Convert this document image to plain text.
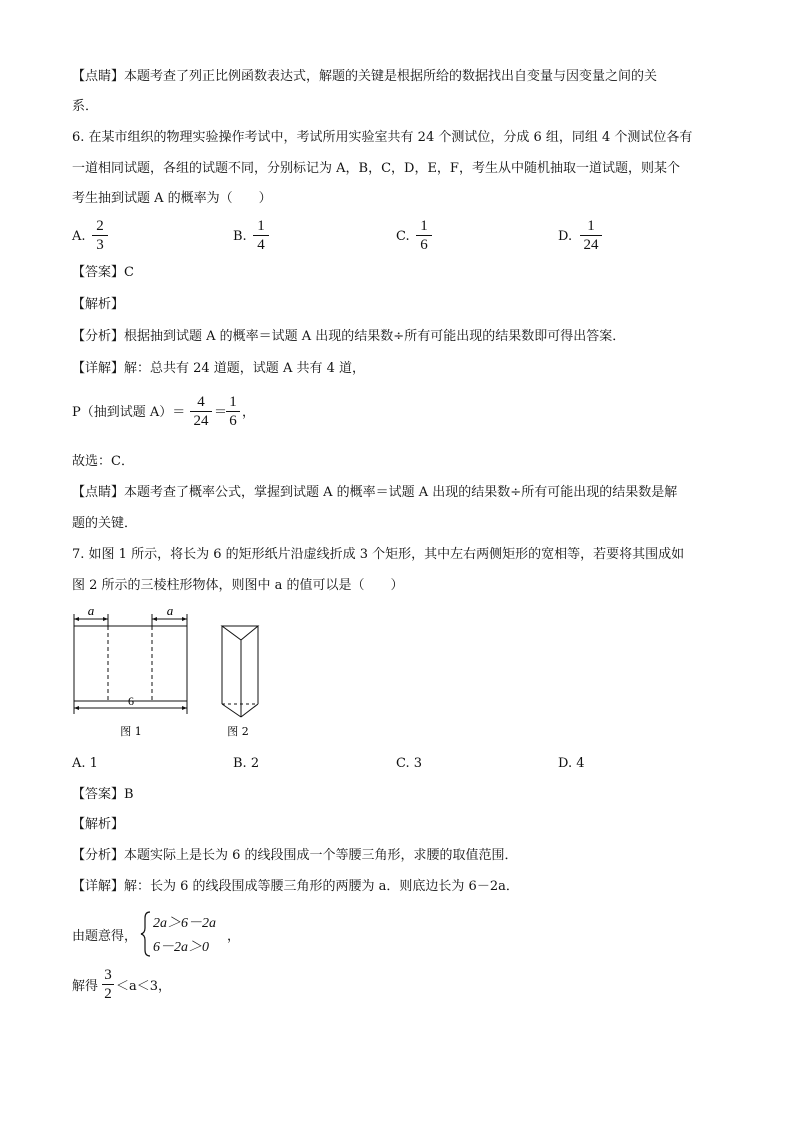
【点睛】本题考查了列正比例函数表达式，解题的关键是根据所给的数据找出自变量与因变量之间的关
系．
6. 在某市组织的物理实验操作考试中，考试所用实验室共有 24 个测试位，分成 6 组，同组 4 个测试位各有
一道相同试题，各组的试题不同，分别标记为 A，B，C，D，E，F，考生从中随机抽取一道试题，则某个
考生抽到试题 A 的概率为（　　）
A.
2
3
B.
1
4
C.
1
6
D.
1
24
【答案】C
【解析】
【分析】根据抽到试题 A 的概率＝试题 A 出现的结果数÷所有可能出现的结果数即可得出答案．
【详解】解：总共有 24 道题，试题 A 共有 4 道，
P（抽到试题 A）＝
4
24
＝
1
6
，
故选：C．
【点睛】本题考查了概率公式，掌握到试题 A 的概率＝试题 A 出现的结果数÷所有可能出现的结果数是解
题的关键．
7. 如图 1 所示，将长为 6 的矩形纸片沿虚线折成 3 个矩形，其中左右两侧矩形的宽相等，若要将其围成如
图 2 所示的三棱柱形物体，则图中 a 的值可以是（　　）
a	a
6
图 1	图 2
A. 1	B. 2	C. 3	D. 4
【答案】B
【解析】
【分析】本题实际上是长为 6 的线段围成一个等腰三角形，求腰的取值范围．
【详解】解：长为 6 的线段围成等腰三角形的两腰为 a．则底边长为 6－2a．
由题意得，
2a＞6－2a
6－2a＞0
，
解得
3
2 ＜a＜3，
